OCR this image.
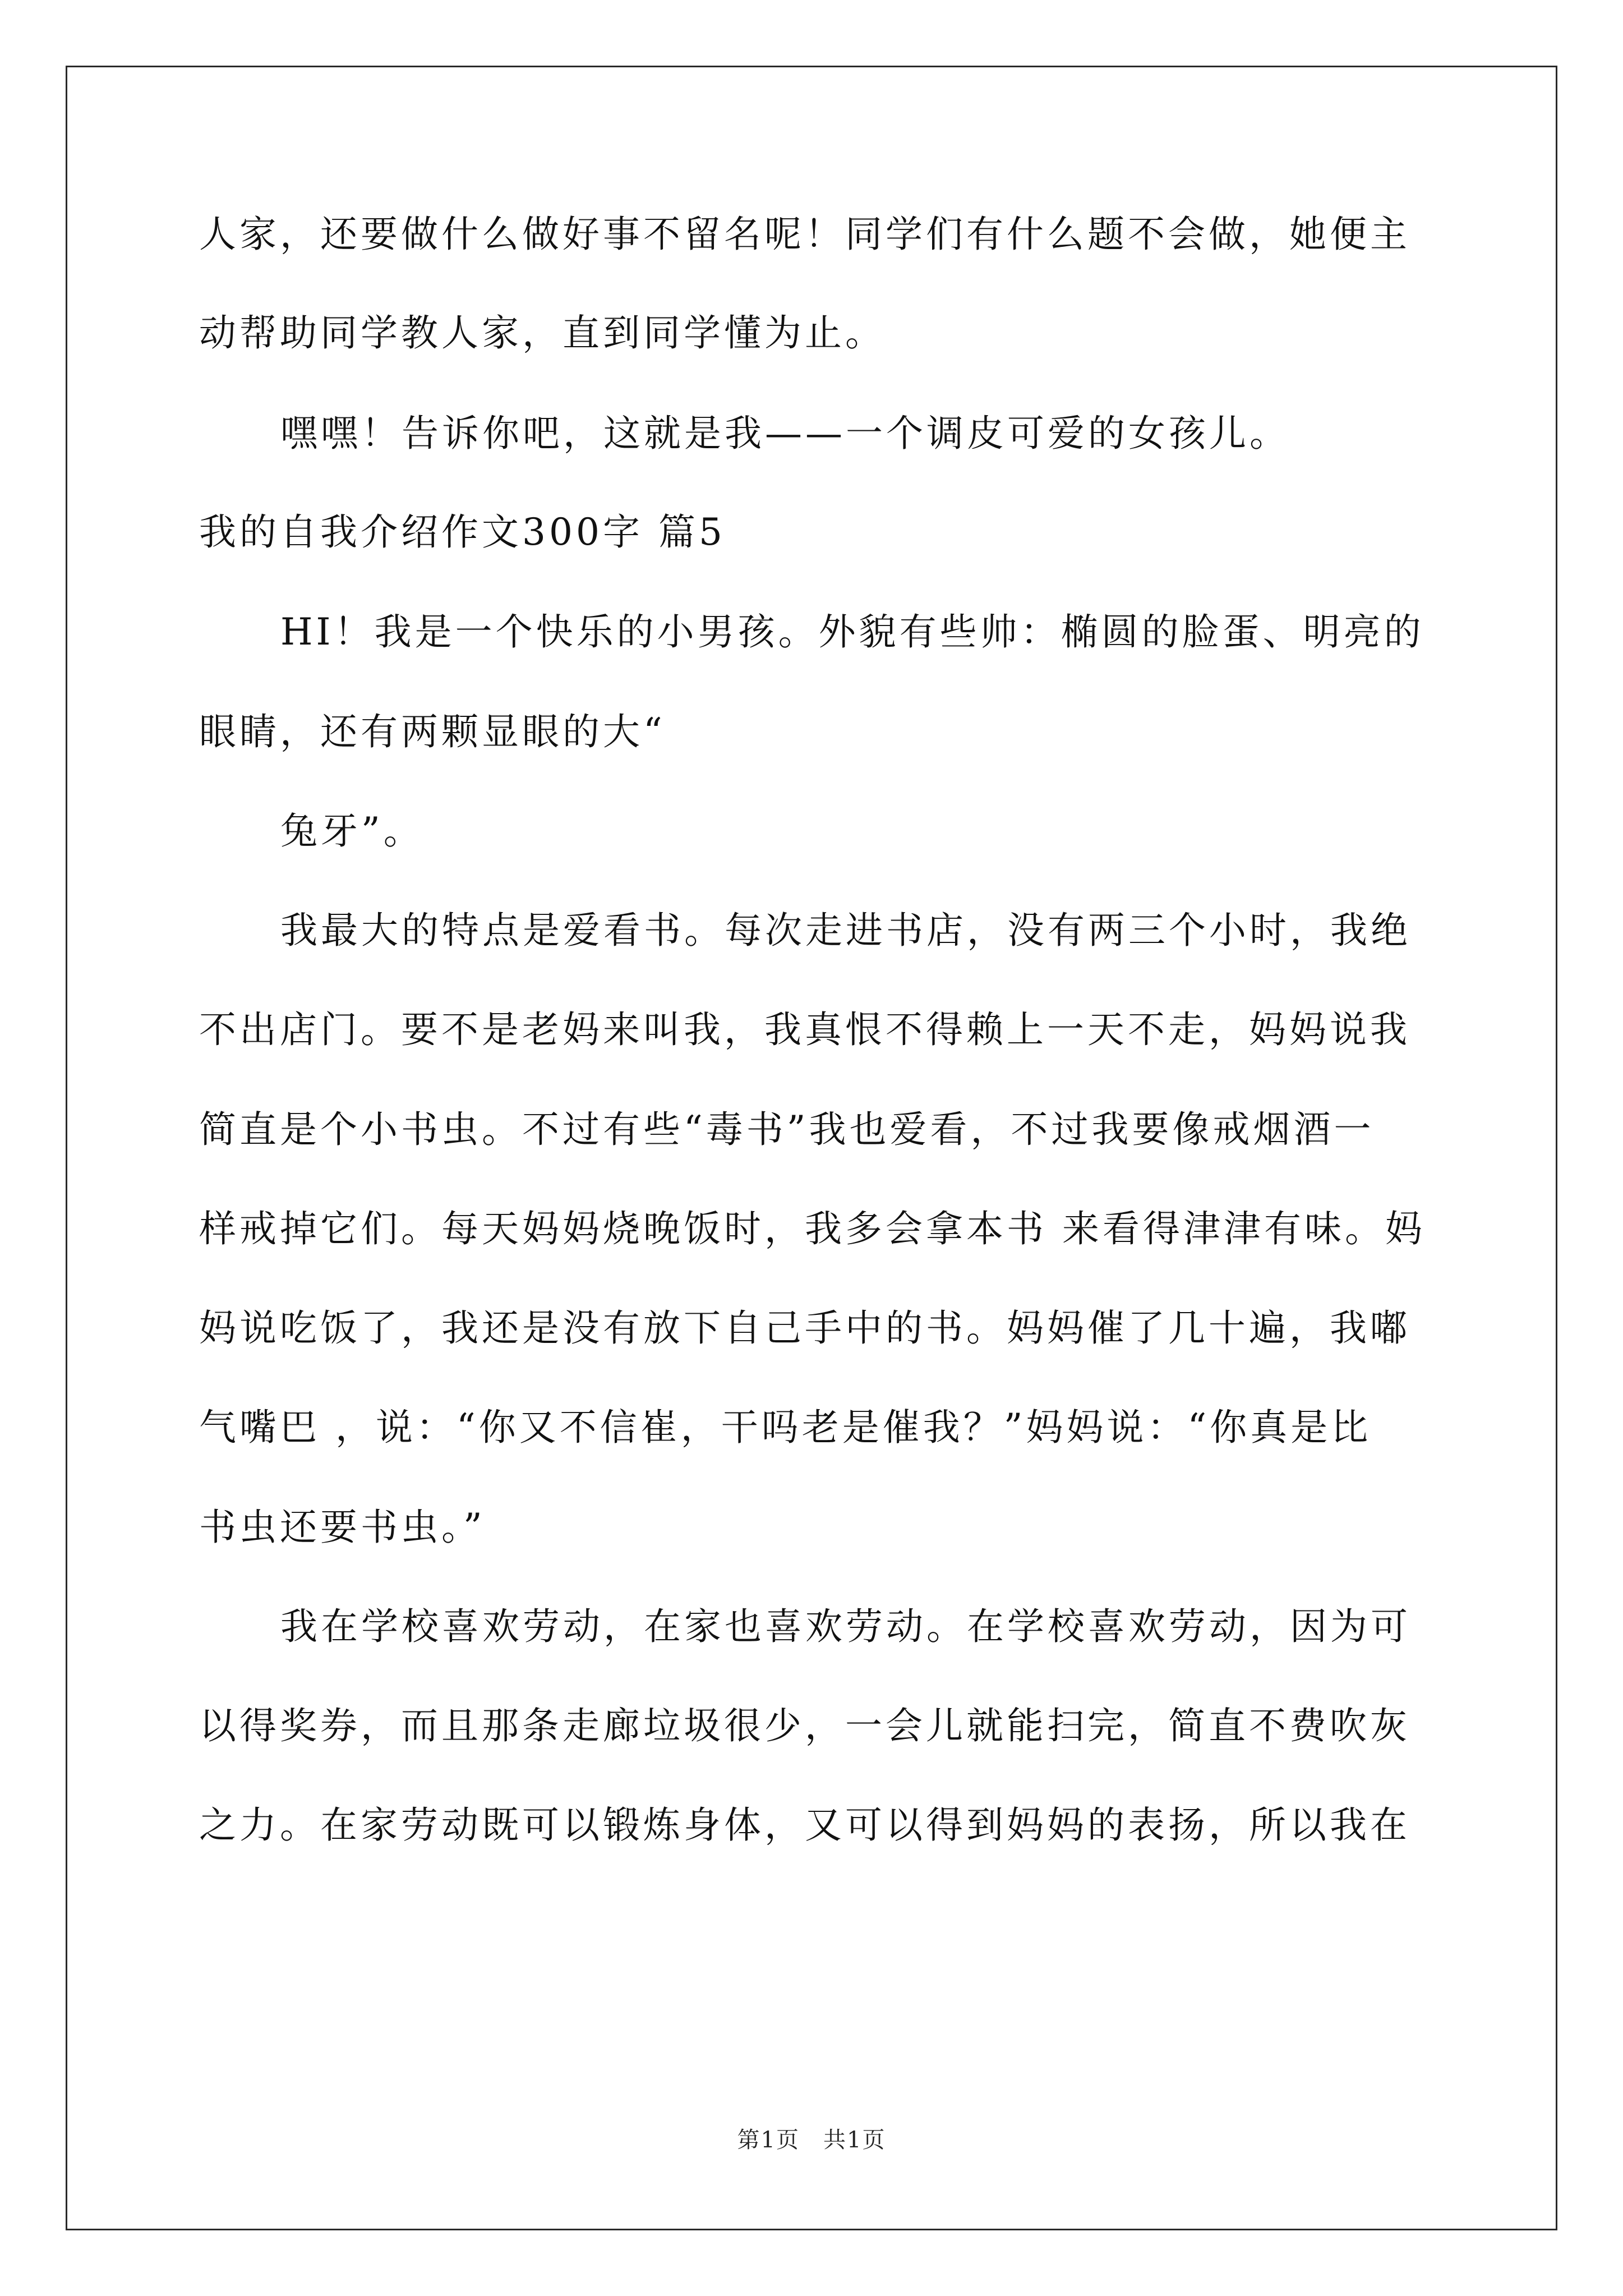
人家，还要做什么做好事不留名呢！同学们有什么题不会做，她便主
动帮助同学教人家，直到同学懂为止。
嘿嘿！告诉你吧，这就是我——一个调皮可爱的女孩儿。
我的自我介绍作文300字 篇5
HI！我是一个快乐的小男孩。外貌有些帅：椭圆的脸蛋、明亮的
眼睛，还有两颗显眼的大“
兔牙”。
我最大的特点是爱看书。每次走进书店，没有两三个小时，我绝
不出店门。要不是老妈来叫我，我真恨不得赖上一天不走，妈妈说我
简直是个小书虫。不过有些“毒书”我也爱看，不过我要像戒烟酒一
样戒掉它们。每天妈妈烧晚饭时，我多会拿本书 来看得津津有味。妈
妈说吃饭了，我还是没有放下自己手中的书。妈妈催了几十遍，我嘟
气嘴巴 ，说：“你又不信崔，干吗老是催我？”妈妈说：“你真是比
书虫还要书虫。”
我在学校喜欢劳动，在家也喜欢劳动。在学校喜欢劳动，因为可
以得奖券，而且那条走廊垃圾很少，一会儿就能扫完，简直不费吹灰
之力。在家劳动既可以锻炼身体，又可以得到妈妈的表扬，所以我在
第1页　共1页
